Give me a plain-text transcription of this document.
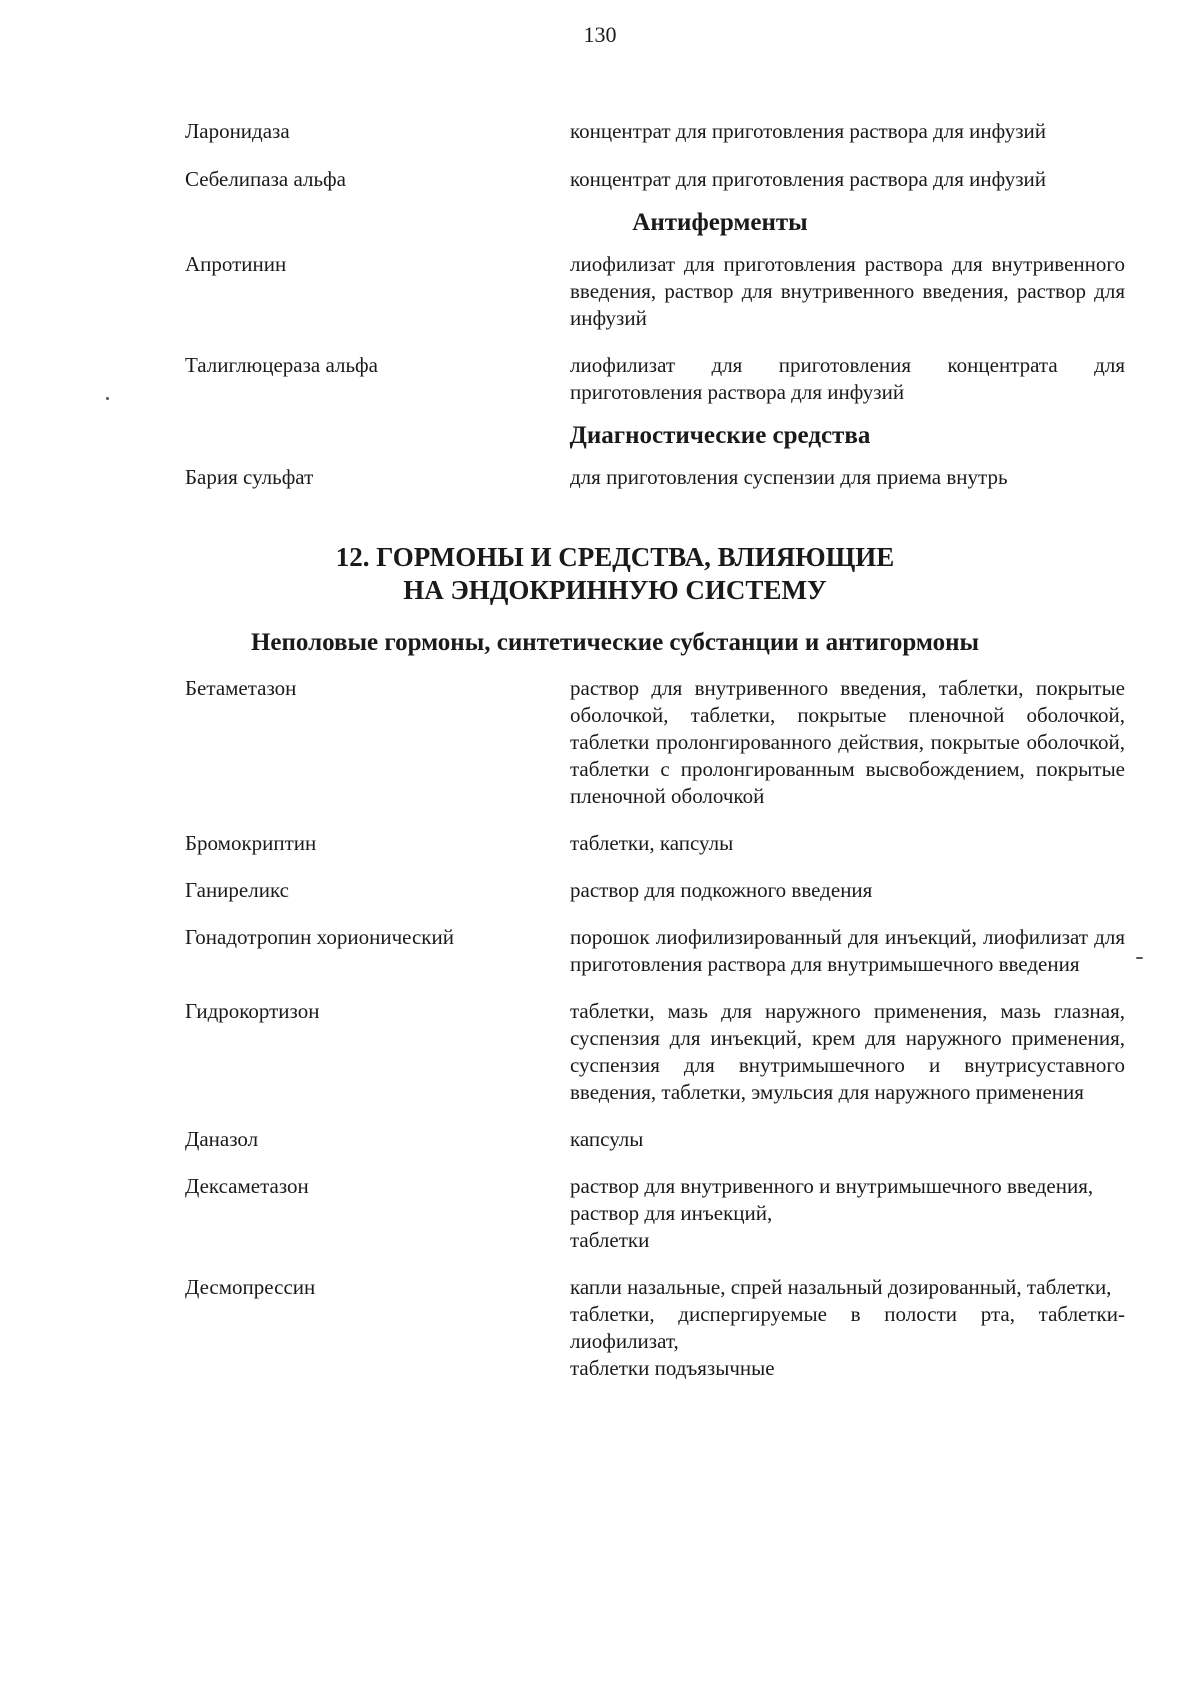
130
Ларонидаза	концентрат для приготовления раствора для инфузий
Себелипаза альфа	концентрат для приготовления раствора для инфузий
Антиферменты
Апротинин	лиофилизат для приготовления раствора для внутривенного введения, раствор для внутривенного введения, раствор для инфузий
Талиглюцераза альфа	лиофилизат для приготовления концентрата для приготовления раствора для инфузий
Диагностические средства
Бария сульфат	для приготовления суспензии для приема внутрь
12. ГОРМОНЫ И СРЕДСТВА, ВЛИЯЮЩИЕ
НА ЭНДОКРИННУЮ СИСТЕМУ
Неполовые гормоны, синтетические субстанции и антигормоны
Бетаметазон	раствор для внутривенного введения, таблетки, покрытые оболочкой, таблетки, покрытые пленочной оболочкой, таблетки пролонгированного действия, покрытые оболочкой, таблетки с пролонгированным высвобождением, покрытые пленочной оболочкой
Бромокриптин	таблетки, капсулы
Ганиреликс	раствор для подкожного введения
Гонадотропин хорионический	порошок лиофилизированный для инъекций, лиофилизат для приготовления раствора для внутримышечного введения
Гидрокортизон	таблетки, мазь для наружного применения, мазь глазная, суспензия для инъекций, крем для наружного применения, суспензия для внутримышечного и внутрисуставного введения, таблетки, эмульсия для наружного применения
Даназол	капсулы
Дексаметазон	раствор для внутривенного и внутримышечного введения,
раствор для инъекций,
таблетки
Десмопрессин	капли назальные, спрей назальный дозированный, таблетки,
таблетки, диспергируемые в полости рта, таблетки-лиофилизат,
таблетки подъязычные
